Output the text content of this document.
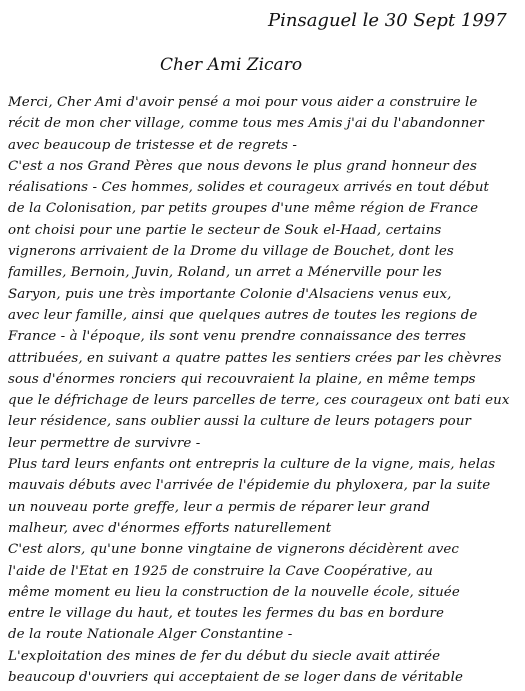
Pinsaguel le 30 Sept 1997
Cher Ami Zicaro
Merci, Cher Ami d'avoir pensé a moi pour vous aider a construire le
récit de mon cher village, comme tous mes Amis j'ai du l'abandonner
avec beaucoup de tristesse et de regrets -
C'est a nos Grand Pères que nous devons le plus grand honneur des
réalisations - Ces hommes, solides et courageux arrivés en tout début
de la Colonisation, par petits groupes d'une même région de France
ont choisi pour une partie le secteur de Souk el-Haad, certains
vignerons arrivaient de la Drome du village de Bouchet, dont les
familles, Bernoin, Juvin, Roland, un arret a Ménerville pour les
Saryon, puis une très importante Colonie d'Alsaciens venus eux,
avec leur famille, ainsi que quelques autres de toutes les regions de
France - à l'époque, ils sont venu prendre connaissance des terres
attribuées, en suivant a quatre pattes les sentiers crées par les chèvres
sous d'énormes ronciers qui recouvraient la plaine, en même temps
que le défrichage de leurs parcelles de terre, ces courageux ont bati eux
leur résidence, sans oublier aussi la culture de leurs potagers pour
leur permettre de survivre -
Plus tard leurs enfants ont entrepris la culture de la vigne, mais, helas
mauvais débuts avec l'arrivée de l'épidemie du phyloxera, par la suite
un nouveau porte greffe, leur a permis de réparer leur grand
malheur, avec d'énormes efforts naturellement
C'est alors, qu'une bonne vingtaine de vignerons décidèrent avec
l'aide de l'Etat en 1925 de construire la Cave Coopérative, au
même moment eu lieu la construction de la nouvelle école, située
entre le village du haut, et toutes les fermes du bas en bordure
de la route Nationale Alger Constantine -
L'exploitation des mines de fer du début du siecle avait attirée
beaucoup d'ouvriers qui acceptaient de se loger dans de véritable
